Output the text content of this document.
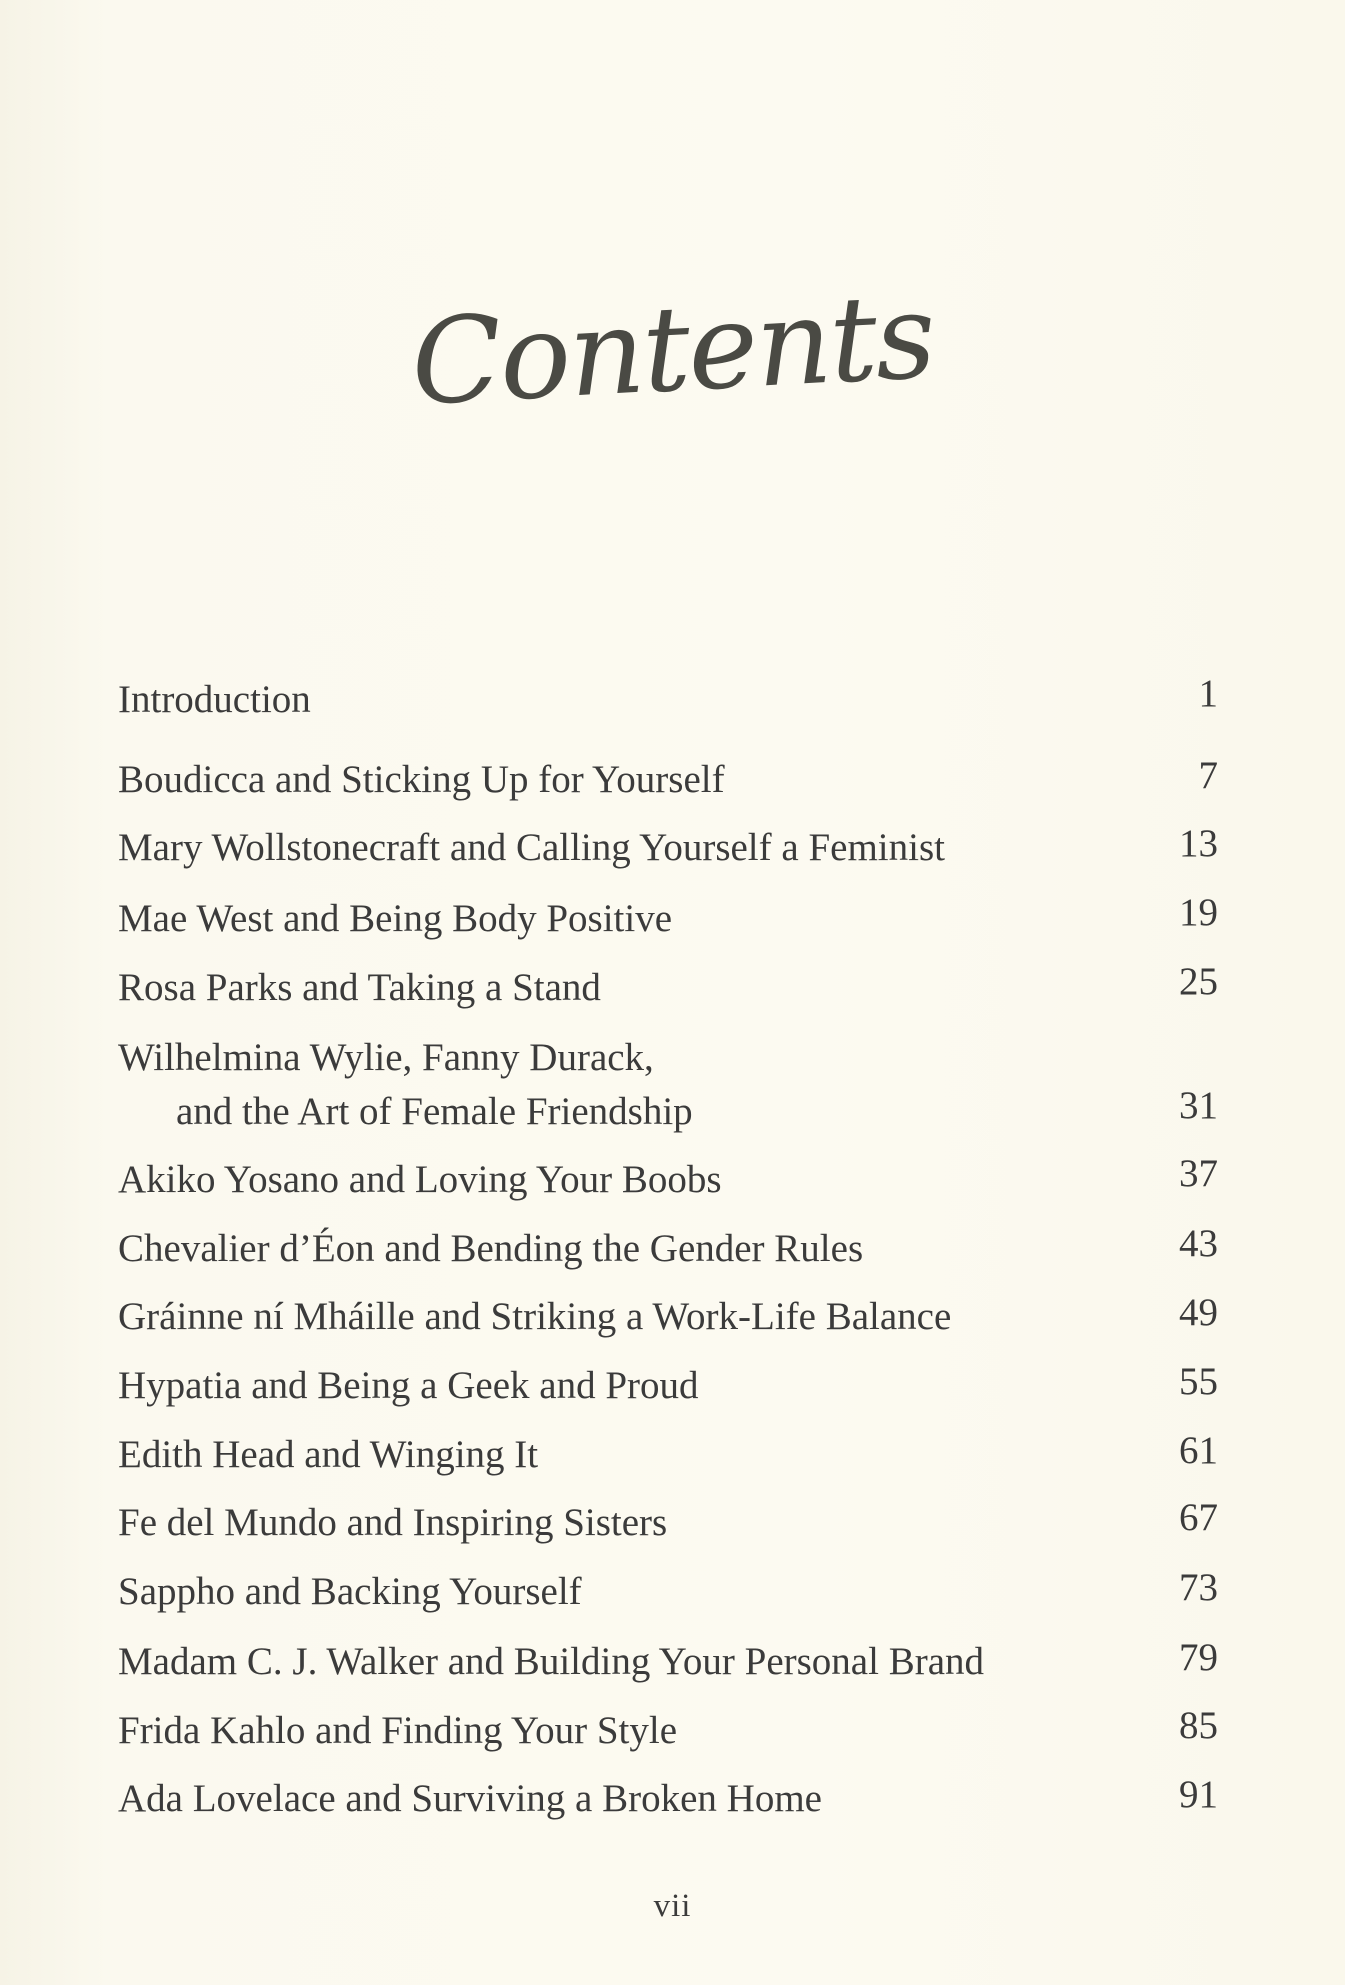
Contents
Introduction	1
Boudicca and Sticking Up for Yourself	7
Mary Wollstonecraft and Calling Yourself a Feminist	13
Mae West and Being Body Positive	19
Rosa Parks and Taking a Stand	25
Wilhelmina Wylie, Fanny Durack,
and the Art of Female Friendship	31
Akiko Yosano and Loving Your Boobs	37
Chevalier d’Éon and Bending the Gender Rules	43
Gráinne ní Mháille and Striking a Work-Life Balance	49
Hypatia and Being a Geek and Proud	55
Edith Head and Winging It	61
Fe del Mundo and Inspiring Sisters	67
Sappho and Backing Yourself	73
Madam C. J. Walker and Building Your Personal Brand	79
Frida Kahlo and Finding Your Style	85
Ada Lovelace and Surviving a Broken Home	91
vii
